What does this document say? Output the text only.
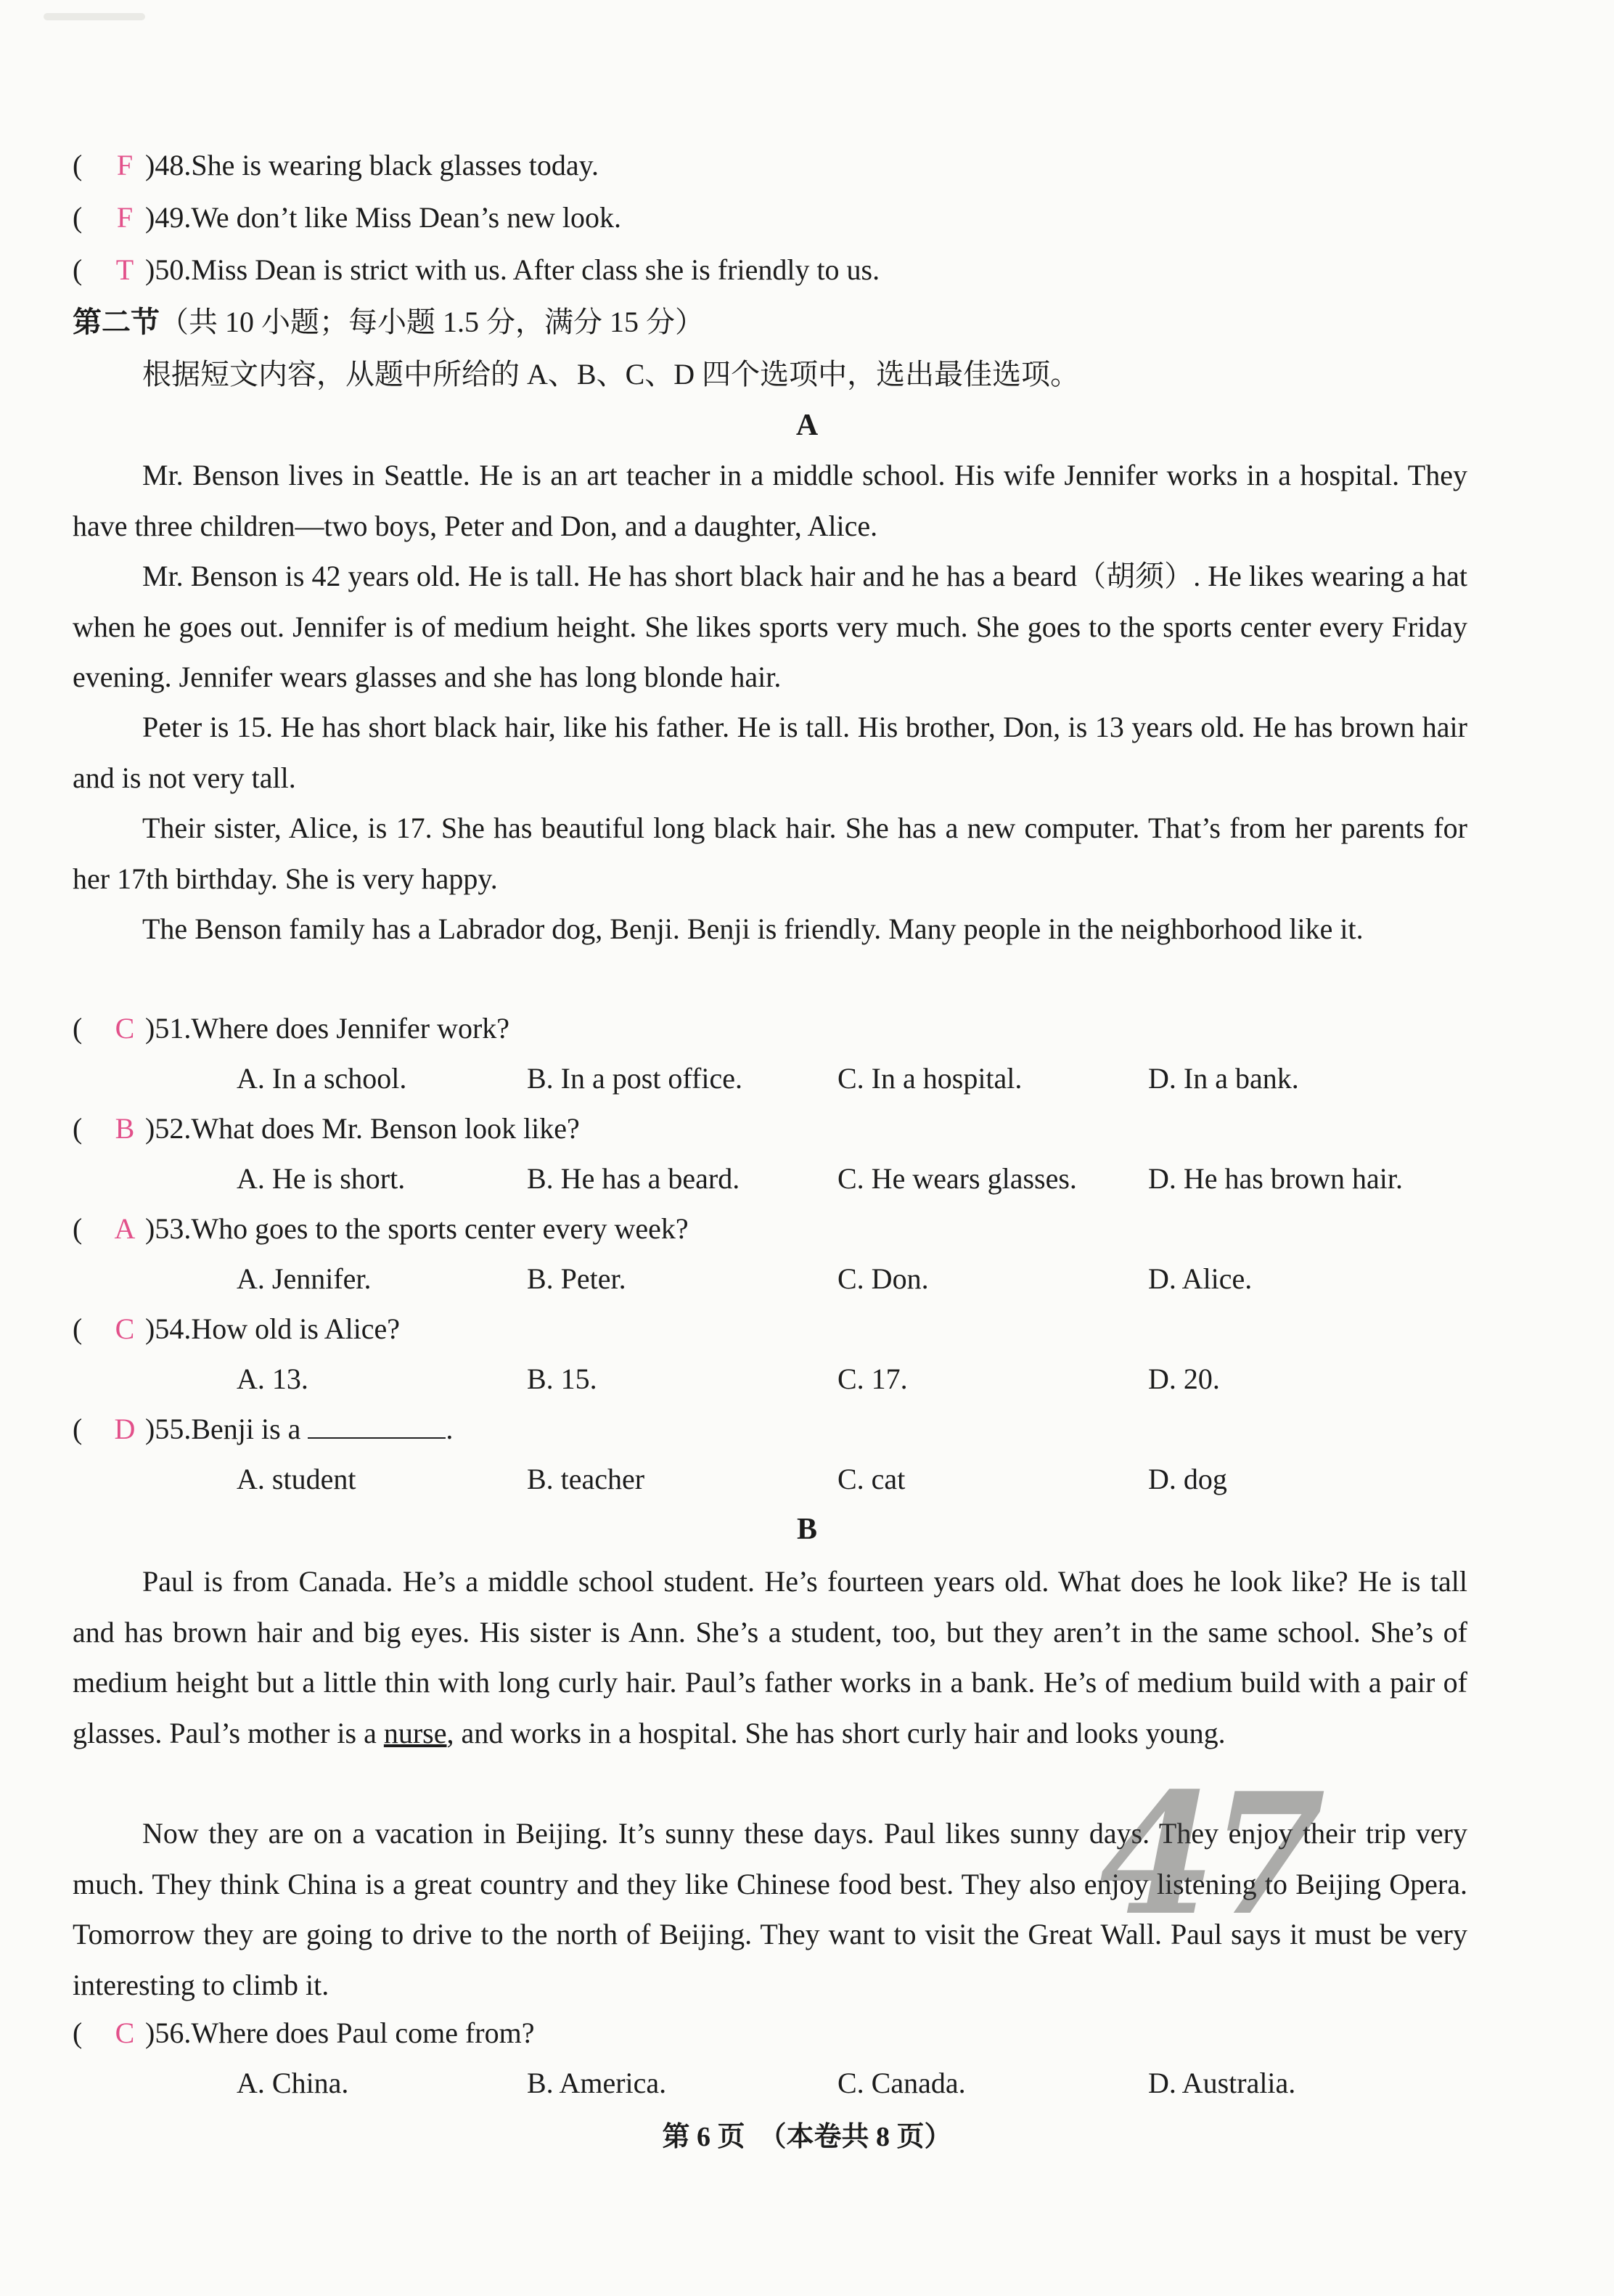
( F )48.She is wearing black glasses today.
( F )49.We don’t like Miss Dean’s new look.
( T )50.Miss Dean is strict with us. After class she is friendly to us.
第二节（共 10 小题；每小题 1.5 分，满分 15 分）
根据短文内容，从题中所给的 A、B、C、D 四个选项中，选出最佳选项。
A
Mr. Benson lives in Seattle. He is an art teacher in a middle school. His wife Jennifer works in a hospital. They have three children—two boys, Peter and Don, and a daughter, Alice.
Mr. Benson is 42 years old. He is tall. He has short black hair and he has a beard（胡须）. He likes wearing a hat when he goes out. Jennifer is of medium height. She likes sports very much. She goes to the sports center every Friday evening. Jennifer wears glasses and she has long blonde hair.
Peter is 15. He has short black hair, like his father. He is tall. His brother, Don, is 13 years old. He has brown hair and is not very tall.
Their sister, Alice, is 17. She has beautiful long black hair. She has a new computer. That’s from her parents for her 17th birthday. She is very happy.
The Benson family has a Labrador dog, Benji. Benji is friendly. Many people in the neighborhood like it.
( C )51.Where does Jennifer work?
A. In a school.	B. In a post office.	C. In a hospital.	D. In a bank.
( B )52.What does Mr. Benson look like?
A. He is short.	B. He has a beard.	C. He wears glasses. D. He has brown hair.
( A )53.Who goes to the sports center every week?
A. Jennifer.	B. Peter.	C. Don.	D. Alice.
( C )54.How old is Alice?
A. 13.	B. 15.	C. 17.	D. 20.
( D )55.Benji is a	.
A. student	B. teacher	C. cat	D. dog
B
Paul is from Canada. He’s a middle school student. He’s fourteen years old. What does he look like? He is tall and has brown hair and big eyes. His sister is Ann. She’s a student, too, but they aren’t in the same school. She’s of medium height but a little thin with long curly hair. Paul’s father works in a bank. He’s of medium build with a pair of glasses. Paul’s mother is a nurse, and works in a hospital. She has short curly hair and looks young.
Now they are on a vacation in Beijing. It’s sunny these days. Paul likes sunny days. They enjoy their trip very much. They think China is a great country and they like Chinese food best. They also enjoy listening to Beijing Opera. Tomorrow they are going to drive to the north of Beijing. They want to visit the Great Wall. Paul says it must be very interesting to climb it.
47
( C )56.Where does Paul come from?
A. China.	B. America.	C. Canada.	D. Australia.
第 6 页　（本卷共 8 页）
